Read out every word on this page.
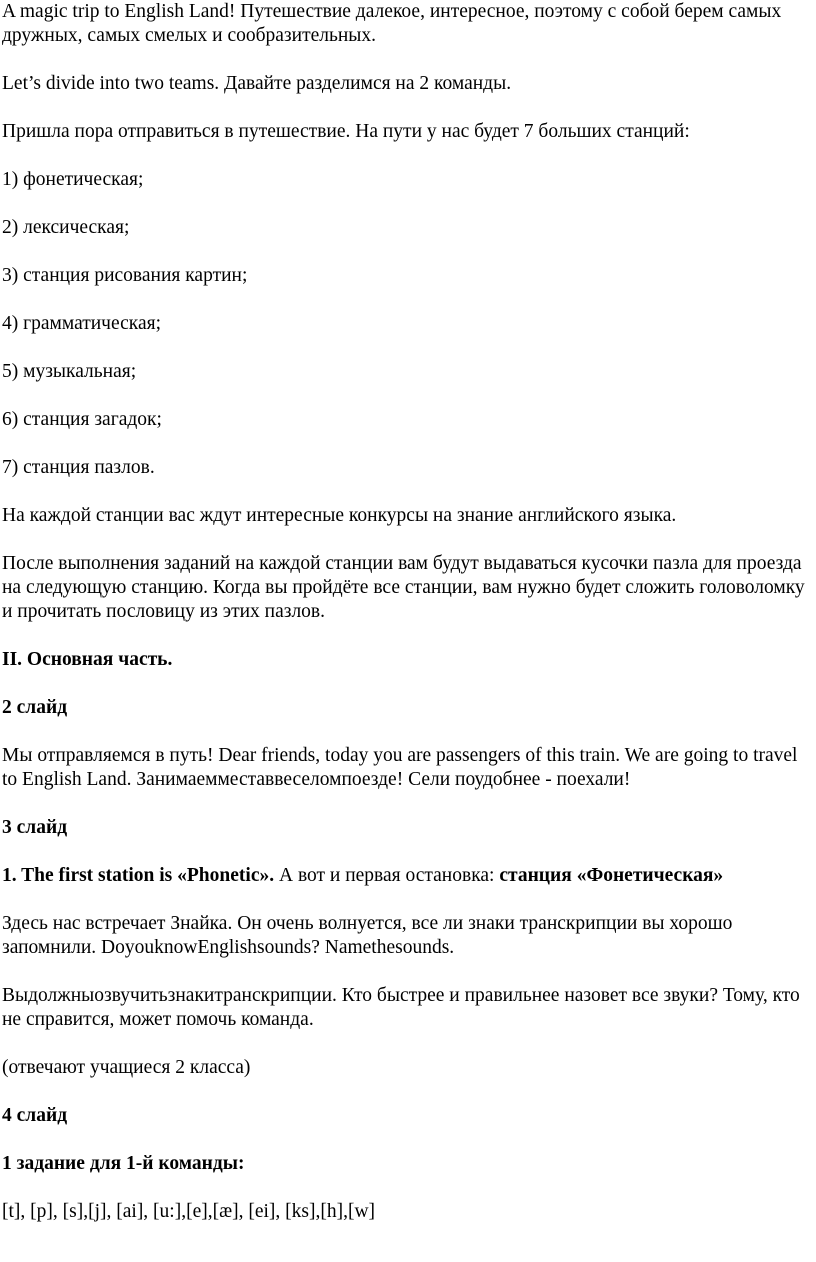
A magic trip to English Land! Путешествие далекое, интересное, поэтому с собой берем самых дружных, самых смелых и сообразительных.

Let’s divide into two teams. Давайте разделимся на 2 команды.

Пришла пора отправиться в путешествие. На пути у нас будет 7 больших станций:

1) фонетическая;

2) лексическая;

3) станция рисования картин;

4) грамматическая;

5) музыкальная;

6) станция загадок;

7) станция пазлов.

На каждой станции вас ждут интересные конкурсы на знание английского языка.

После выполнения заданий на каждой станции вам будут выдаваться кусочки пазла для проезда на следующую станцию. Когда вы пройдёте все станции, вам нужно будет сложить головоломку и прочитать пословицу из этих пазлов.

II. Основная часть.

2 слайд

Мы отправляемся в путь! Dear friends, today you are passengers of this train. We are going to travel to English Land. Занимаемместаввеселомпоезде! Сели поудобнее - поехали!

3 слайд

1. The first station is «Phonetic». А вот и первая остановка: станция «Фонетическая»

Здесь нас встречает Знайка. Он очень волнуется, все ли знаки транскрипции вы хорошо запомнили. DoyouknowEnglishsounds? Namethesounds.

Выдолжныозвучитьзнакитранскрипции. Кто быстрее и правильнее назовет все звуки? Тому, кто не справится, может помочь команда.

(отвечают учащиеся 2 класса)

4 слайд

1 задание для 1-й команды:

[t], [p], [s],[j], [ai], [u:],[e],[æ], [ei], [ks],[h],[w]
